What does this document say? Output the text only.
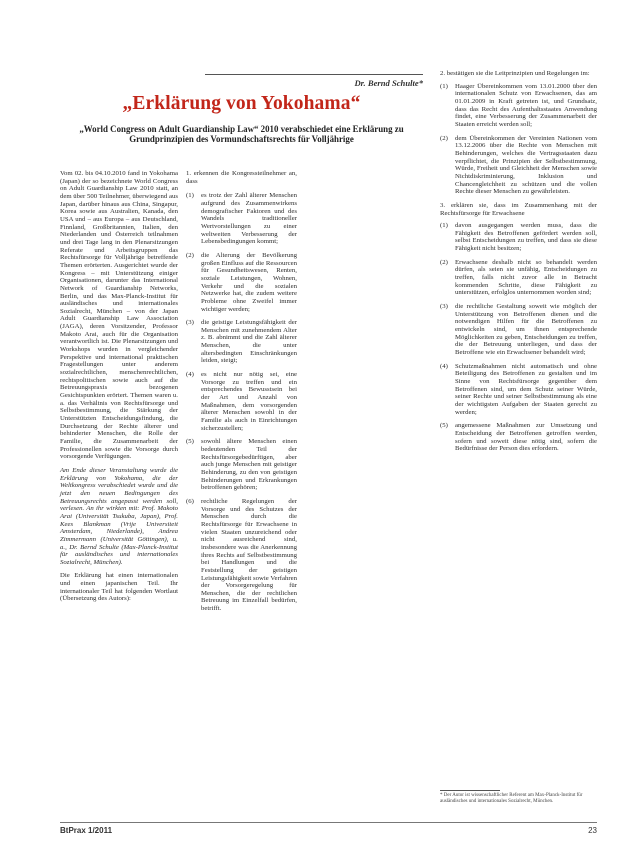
Dr. Bernd Schulte*
„Erklärung von Yokohama“
„World Congress on Adult Guardianship Law“ 2010 verabschiedet eine Erklärung zu Grundprinzipien des Vormundschaftsrechts für Volljährige

Vom 02. bis 04.10.2010 fand in Yokohama (Japan) der so bezeichnete World Congress on Adult Guardianship Law 2010 statt, an dem über 500 Teilnehmer, überwiegend aus Japan, darüber hinaus aus China, Singapur, Korea sowie aus Australien, Kanada, den USA und – aus Europa – aus Deutschland, Finnland, Großbritannien, Italien, den Niederlanden und Österreich teilnahmen und drei Tage lang in den Plenarsitzungen Referate und Arbeitsgruppen das Rechtsfürsorge für Volljährige betreffende Themen erörterten. Ausgerichtet wurde der Kongress – mit Unterstützung einiger Organisationen, darunter das International Network of Guardianship Networks, Berlin, und das Max-Planck-Institut für ausländisches und internationales Sozialrecht, München – von der Japan Adult Guardianship Law Association (JAGA), deren Vorsitzender, Professor Makoto Arai, auch für die Organisation verantwortlich ist. Die Plenarsitzungen und Workshops wurden in vergleichender Perspektive und international praktischen Fragestellungen unter anderem sozialrechtlichen, menschenrechtlichen, rechtspolitischen sowie auch auf die Betreuungspraxis bezogenen Gesichtspunkten erörtert. Themen waren u. a. das Verhältnis von Rechtsfürsorge und Selbstbestimmung, die Stärkung der Unterstützten Entscheidungsfindung, die Durchsetzung der Rechte älterer und behinderter Menschen, die Rolle der Familie, die Zusammenarbeit der Professionellen sowie die Vorsorge durch vorsorgende Verfügungen.

Am Ende dieser Veranstaltung wurde die Erklärung von Yokohama, die der Weltkongress verabschiedet wurde und die jetzt den neuen Bedingungen des Betreuungsrechts angepasst werden soll, verlesen. An ihr wirkten mit: Prof. Makoto Arai (Universität Tsukuba, Japan), Prof. Kees Blankman (Vrije Universiteit Amsterdam, Niederlande), Andrea Zimmermann (Universität Göttingen), u. a., Dr. Bernd Schulte (Max-Planck-Institut für ausländisches und internationales Sozialrecht, München).

Die Erklärung hat einen internationalen und einen japanischen Teil. Ihr internationaler Teil hat folgenden Wortlaut (Übersetzung des Autors):

1. erkennen die Kongressteilnehmer an, dass

(1) es trotz der Zahl älterer Menschen aufgrund des Zusammenwirkens demografischer Faktoren und des Wandels traditioneller Wertvorstellungen zu einer weltweiten Verbesserung der Lebensbedingungen kommt;
(2) die Alterung der Bevölkerung großen Einfluss auf die Ressourcen für Gesundheitswesen, Renten, soziale Leistungen, Wohnen, Verkehr und die sozialen Netzwerke hat, die zudem weitere Probleme ohne Zweifel immer wichtiger werden;
(3) die geistige Leistungsfähigkeit der Menschen mit zunehmendem Alter z. B. abnimmt und die Zahl älterer Menschen, die unter altersbedingten Einschränkungen leiden, steigt;
(4) es nicht nur nötig sei, eine Vorsorge zu treffen und ein entsprechendes Bewusstsein bei der Art und Anzahl von Maßnahmen, dem vorsorgenden älterer Menschen sowohl in der Familie als auch in Einrichtungen sicherzustellen;
(5) sowohl ältere Menschen einen bedeutenden Teil der Rechtsfürsorgebedürftigen, aber auch junge Menschen mit geistiger Behinderung, zu den von geistigen Behinderungen und Erkrankungen betroffenen gehören;
(6) rechtliche Regelungen der Vorsorge und des Schutzes der Menschen durch die Rechtsfürsorge für Erwachsene in vielen Staaten unzureichend oder nicht ausreichend sind, insbesondere was die Anerkennung ihres Rechts auf Selbstbestimmung bei Handlungen und die Feststellung der geistigen Leistungsfähigkeit sowie Verfahren der Vorsorgeregelung für Menschen, die der rechtlichen Betreuung im Einzelfall bedürfen, betrifft.

2. bestätigen sie die Leitprinzipien und Regelungen im:

(1) Haager Übereinkommen vom 13.01.2000 über den internationalen Schutz von Erwachsenen, das am 01.01.2009 in Kraft getreten ist, und Grundsatz, dass das Recht des Aufenthaltsstaates Anwendung findet, eine Verbesserung der Zusammenarbeit der Staaten erreicht werden soll;
(2) dem Übereinkommen der Vereinten Nationen vom 13.12.2006 über die Rechte von Menschen mit Behinderungen, welches die Vertragsstaaten dazu verpflichtet, die Prinzipien der Selbstbestimmung, Würde, Freiheit und Gleichheit der Menschen sowie Nichtdiskriminierung, Inklusion und Chancengleichheit zu schützen und die vollen Rechte dieser Menschen zu gewährleisten.

3. erklären sie, dass im Zusammenhang mit der Rechtsfürsorge für Erwachsene

(1) davon ausgegangen werden muss, dass die Fähigkeit des Betroffenen gefördert werden soll, selbst Entscheidungen zu treffen, und dass sie diese Fähigkeit nicht besitzen;
(2) Erwachsene deshalb nicht so behandelt werden dürfen, als seien sie unfähig, Entscheidungen zu treffen, falls nicht zuvor alle in Betracht kommenden Schritte, diese Fähigkeit zu unterstützen, erfolglos unternommen worden sind;
(3) die rechtliche Gestaltung soweit wie möglich der Unterstützung von Betroffenen dienen und die notwendigen Hilfen für die Betroffenen zu entwickeln sind, um ihnen entsprechende Möglichkeiten zu geben, Entscheidungen zu treffen, die der Betreuung unterliegen, und dass der Betroffene wie ein Erwachsener behandelt wird;
(4) Schutzmaßnahmen nicht automatisch und ohne Beteiligung des Betroffenen zu gestalten und im Sinne von Rechtsfürsorge gegenüber dem Betroffenen sind, um dem Schutz seiner Würde, seiner Rechte und seiner Selbstbestimmung als eine der wichtigsten Aufgaben der Staaten gerecht zu werden;
(5) angemessene Maßnahmen zur Umsetzung und Entscheidung der Betroffenen getroffen werden, sofern und soweit diese nötig sind, sofern die Bedürfnisse der Person dies erfordern.
* Der Autor ist wissenschaftlicher Referent am Max-Planck-Institut für ausländisches und internationales Sozialrecht, München.
BtPrax 1/2011	23
